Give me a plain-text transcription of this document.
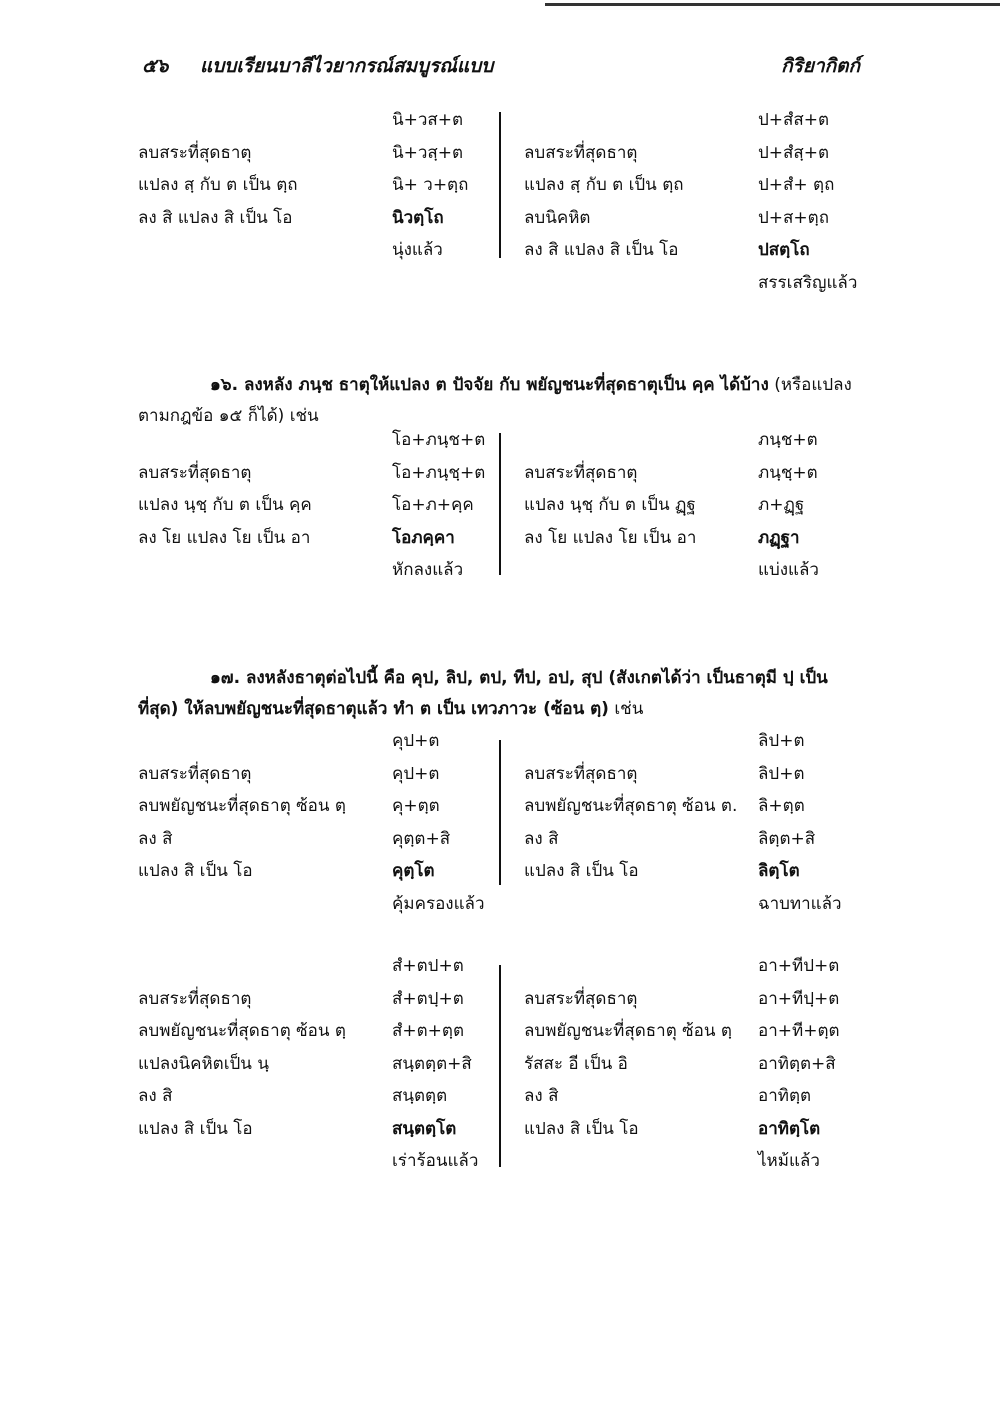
๕๖ แบบเรียนบาลีไวยากรณ์สมบูรณ์แบบ	กิริยากิตก์
นิ+วส+ต
ลบสระที่สุดธาตุ	นิ+วสฺ+ต
แปลง สฺ กับ ต เป็น ตฺถ	นิ+ ว+ตฺถ
ลง สิ แปลง สิ เป็น โอ	นิวตฺโถ
นุ่งแล้ว
ป+สํส+ต
ลบสระที่สุดธาตุ	ป+สํสฺ+ต
แปลง สฺ กับ ต เป็น ตฺถ	ป+สํ+ ตฺถ
ลบนิคหิต	ป+ส+ตฺถ
ลง สิ แปลง สิ เป็น โอ	ปสตฺโถ
สรรเสริญแล้ว

๑๖. ลงหลัง ภนฺช ธาตุให้แปลง ต ปัจจัย กับ พยัญชนะที่สุดธาตุเป็น คฺค ได้บ้าง (หรือแปลงตามกฎข้อ ๑๕ ก็ได้) เช่น

โอ+ภนฺช+ต
ลบสระที่สุดธาตุ	โอ+ภนฺชฺ+ต
แปลง นฺชฺ กับ ต เป็น คฺค	โอ+ภ+คฺค
ลง โย แปลง โย เป็น อา	โอภคฺคา
หักลงแล้ว
ภนฺช+ต
ลบสระที่สุดธาตุ	ภนฺชฺ+ต
แปลง นฺชฺ กับ ต เป็น ฏฺฐ	ภ+ฏฺฐ
ลง โย แปลง โย เป็น อา	ภฏฺฐา
แบ่งแล้ว

๑๗. ลงหลังธาตุต่อไปนี้ คือ คุป, ลิป, ตป, ทีป, อป, สุป (สังเกตได้ว่า เป็นธาตุมี ปฺ เป็นที่สุด) ให้ลบพยัญชนะที่สุดธาตุแล้ว ทำ ต เป็น เทวภาวะ (ซ้อน ตฺ) เช่น

คุป+ต
ลบสระที่สุดธาตุ	คุป+ต
ลบพยัญชนะที่สุดธาตุ ซ้อน ตฺ	คุ+ตฺต
ลง สิ	คุตฺต+สิ
แปลง สิ เป็น โอ	คุตฺโต
คุ้มครองแล้ว
ลิป+ต
ลบสระที่สุดธาตุ	ลิป+ต
ลบพยัญชนะที่สุดธาตุ ซ้อน ต.	ลิ+ตฺต
ลง สิ	ลิตฺต+สิ
แปลง สิ เป็น โอ	ลิตฺโต
ฉาบทาแล้ว
สํ+ตป+ต
ลบสระที่สุดธาตุ	สํ+ตปฺ+ต
ลบพยัญชนะที่สุดธาตุ ซ้อน ตฺ	สํ+ต+ตฺต
แปลงนิคหิตเป็น นฺ	สนฺตตฺต+สิ
ลง สิ	สนฺตตฺต
แปลง สิ เป็น โอ	สนฺตตฺโต
เร่าร้อนแล้ว
อา+ทีป+ต
ลบสระที่สุดธาตุ	อา+ทีปฺ+ต
ลบพยัญชนะที่สุดธาตุ ซ้อน ตฺ	อา+ที+ตฺต
รัสสะ อี เป็น อิ	อาทิตฺต+สิ
ลง สิ	อาทิตฺต
แปลง สิ เป็น โอ	อาทิตฺโต
ไหม้แล้ว
